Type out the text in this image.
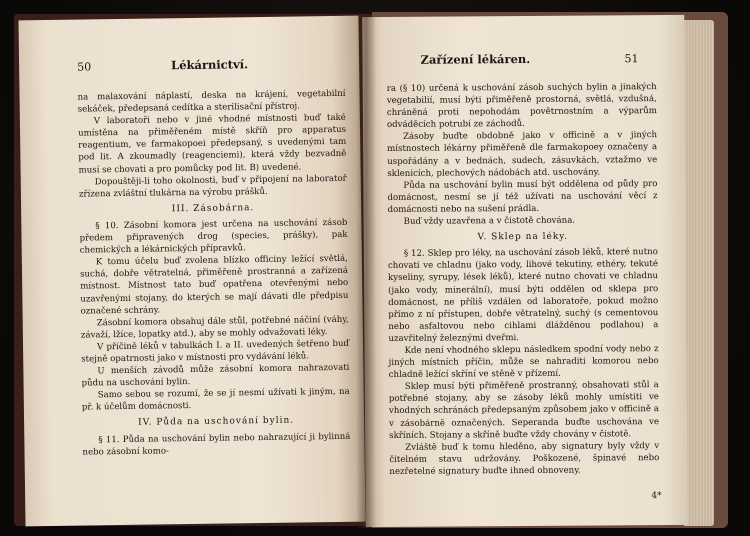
50	Lékárnictví.

na malaxování náplastí, deska na krájení, vegetabilní sekáček, předepsaná cedítka a sterilisační přístroj.

V laboratoři nebo v jiné vhodné místnosti buď také umístěna na přiměřeném místě skříň pro apparatus reagentium, ve farmakopoei předepsaný, s uvedenými tam pod lit. A zkoumadly (reagenciemi), která vždy bezvadně musí se chovati a pro pomůcky pod lit. B) uvedené.

Dopouštěji-li toho okolnosti, buď v připojení na laboratoř zřízena zvláštní tlukárna na výrobu prášků.

III. Zásobárna.

§ 10. Zásobní komora jest určena na uschování zásob předem připravených drog (species, prášky), pak chemických a lékárnických přípravků.

K tomu účelu buď zvolena blízko officiny ležící světlá, suchá, dobře větratelná, přiměřeně prostranná a zařízená místnost. Místnost tato buď opatřena otevřenými nebo uzavřenými stojany, do kterých se mají dávati dle předpisu označené schrány.

Zásobní komora obsahuj dále stůl, potřebné náčiní (váhy, závaží, lžíce, lopatky atd.), aby se mohly odvažovati léky.

V příčině léků v tabulkách I. a II. uvedených šetřeno buď stejně opatrnosti jako v místnosti pro vydávání léků.

U menších závodů může zásobní komora nahrazovati půdu na uschování bylin.

Samo sebou se rozumí, že se jí nesmí užívati k jiným, na př. k účelům domácnosti.

IV. Půda na uschování bylin.

§ 11. Půda na uschování bylin nebo nahrazující ji bylinná nebo zásobní komo-

Zařízení lékáren.	51

ra (§ 10) určená k uschování zásob suchých bylin a jinakých vegetabilií, musí býti přiměřeně prostorná, světlá, vzdušná, chráněná proti nepohodám povětrnostním a výparům odváděcích potrubí ze záchodů.

Zásoby buďte obdobně jako v officině a v jiných místnostech lékárny přiměřeně dle farmakopoey označeny a uspořádány a v bednách, sudech, zásuvkách, vztažmo ve sklenicích, plechových nádobách atd. uschovány.

Půda na uschování bylin musí být oddělena od půdy pro domácnost, nesmí se jí též užívati na uschování věcí z domácnosti nebo na sušení prádla.

Buď vždy uzavřena a v čistotě chována.

V. Sklep na léky.

§ 12. Sklep pro léky, na uschování zásob léků, které nutno chovati ve chladnu (jako vody, lihové tekutiny, ethéry, tekuté kyseliny, syrupy, lések léků), které nutno chovati ve chladnu (jako vody, minerální), musí býti oddělen od sklepa pro domácnost, ne příliš vzdálen od laboratoře, pokud možno přímo z ní přístupen, dobře větratelný, suchý (s cementovou nebo asfaltovou nebo cihlami dlážděnou podlahou) a uzavřitelný železnými dveřmi.

Kde není vhodného sklepu následkem spodní vody nebo z jiných místních příčin, může se nahraditi komorou nebo chladně ležící skříní ve stěně v přízemí.

Sklep musí býti přiměřeně prostranný, obsahovati stůl a potřebné stojany, aby se zásoby léků mohly umístiti ve vhodných schránách předepsaným způsobem jako v officině a v zásobárně označených. Seperanda buďte uschována ve skříních. Stojany a skříně buďte vždy chovány v čistotě.

Zvláště buď k tomu hleděno, aby signatury byly vždy v čitelném stavu udržovány. Poškozené, špinavé nebo nezřetelné signatury buďte ihned obnoveny.

4*
